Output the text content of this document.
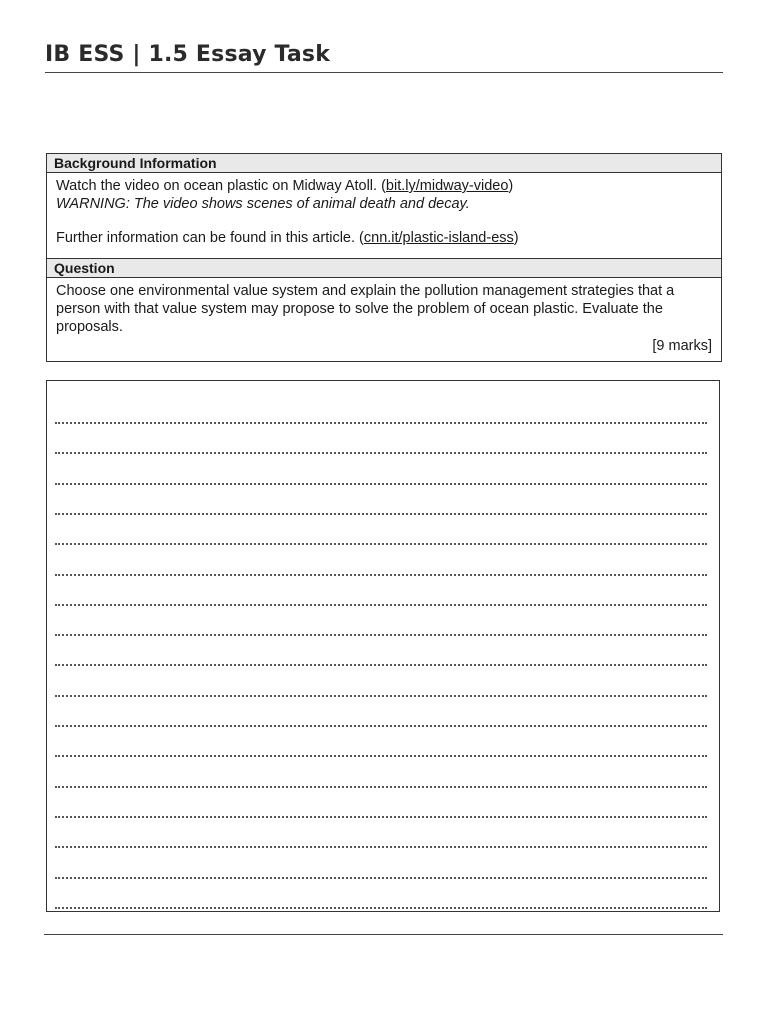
IB ESS | 1.5 Essay Task
Background Information
Watch the video on ocean plastic on Midway Atoll. (bit.ly/midway-video)
WARNING: The video shows scenes of animal death and decay.
Further information can be found in this article. (cnn.it/plastic-island-ess)
Question
Choose one environmental value system and explain the pollution management strategies that a person with that value system may propose to solve the problem of ocean plastic. Evaluate the proposals.
[9 marks]
